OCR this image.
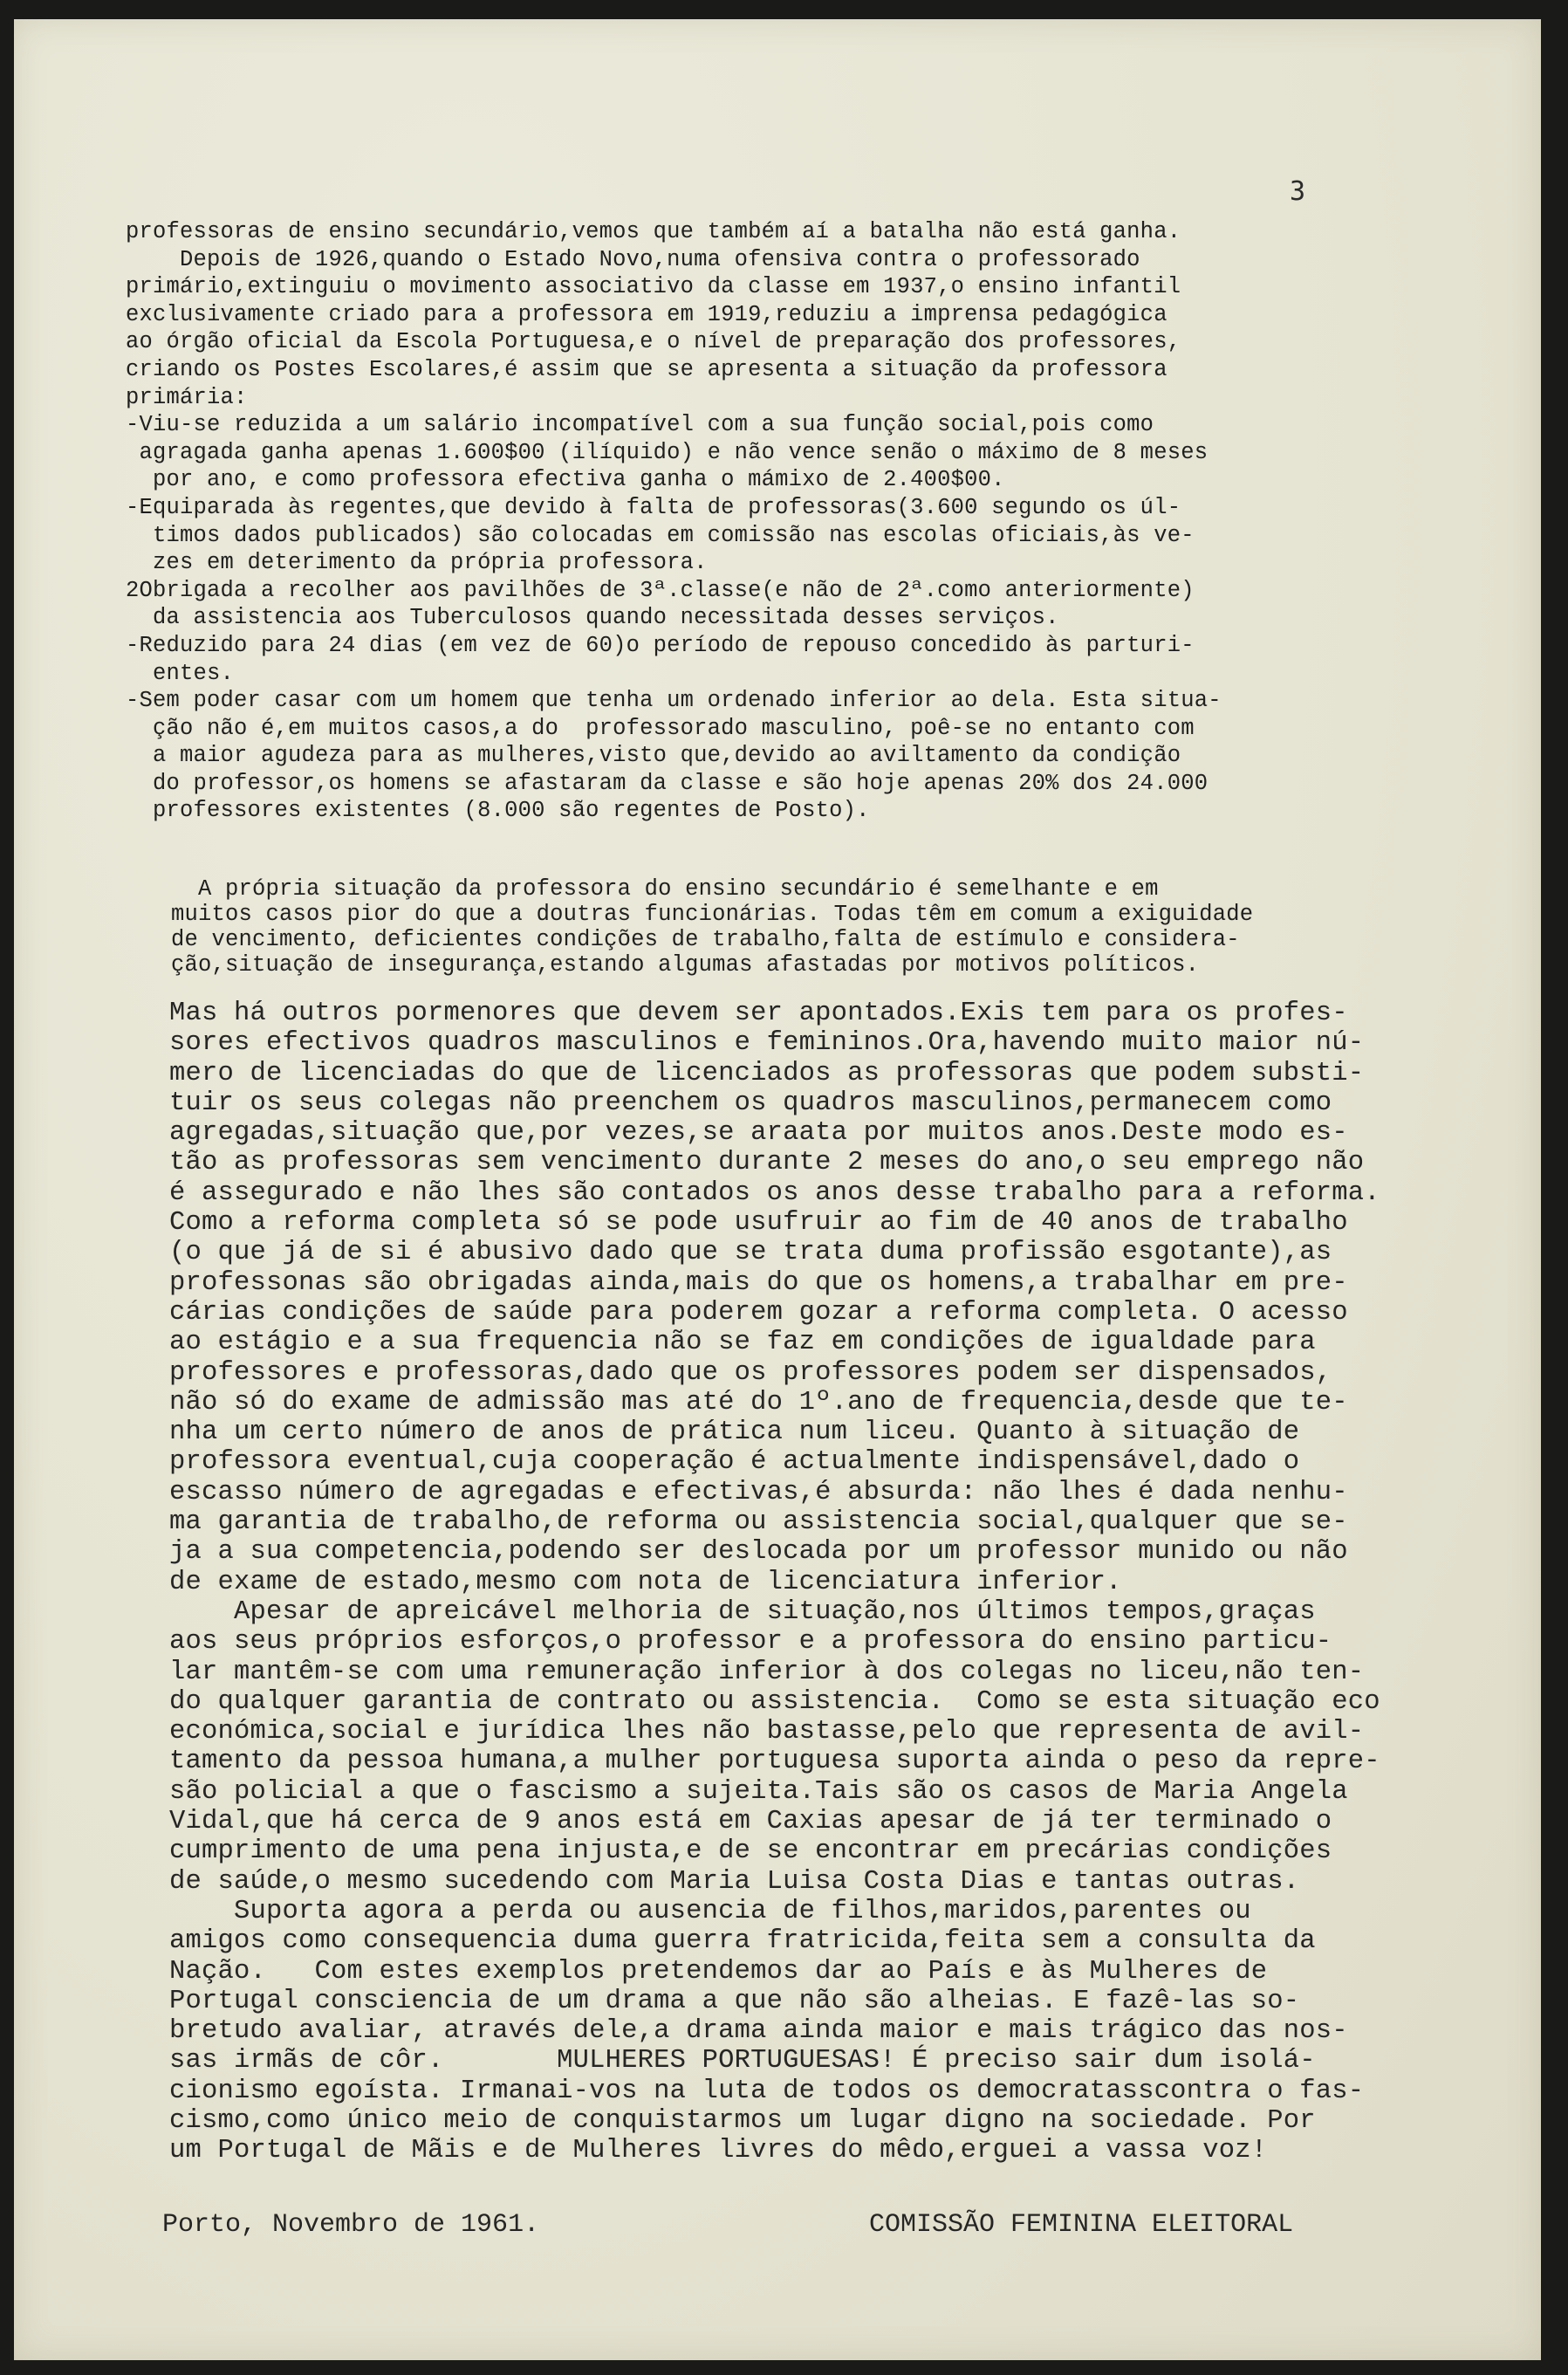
3
professoras de ensino secundário,vemos que também aí a batalha não está ganha.
Depois de 1926,quando o Estado Novo,numa ofensiva contra o professorado
primário,extinguiu o movimento associativo da classe em 1937,o ensino infantil
exclusivamente criado para a professora em 1919,reduziu a imprensa pedagógica
ao órgão oficial da Escola Portuguesa,e o nível de preparação dos professores,
criando os Postes Escolares,é assim que se apresenta a situação da professora
primária:
-Viu-se reduzida a um salário incompatível com a sua função social,pois como
agragada ganha apenas 1.600$00 (ilíquido) e não vence senão o máximo de 8 meses
por ano, e como professora efectiva ganha o mámixo de 2.400$00.
-Equiparada às regentes,que devido à falta de professoras(3.600 segundo os úl-
timos dados publicados) são colocadas em comissão nas escolas oficiais,às ve-
zes em deterimento da própria professora.
2Obrigada a recolher aos pavilhões de 3ª.classe(e não de 2ª.como anteriormente)
da assistencia aos Tuberculosos quando necessitada desses serviços.
-Reduzido para 24 dias (em vez de 60)o período de repouso concedido às parturi-
entes.
-Sem poder casar com um homem que tenha um ordenado inferior ao dela. Esta situa-
ção não é,em muitos casos,a do  professorado masculino, poê-se no entanto com
a maior agudeza para as mulheres,visto que,devido ao aviltamento da condição
do professor,os homens se afastaram da classe e são hoje apenas 20% dos 24.000
professores existentes (8.000 são regentes de Posto).
A própria situação da professora do ensino secundário é semelhante e em
muitos casos pior do que a doutras funcionárias. Todas têm em comum a exiguidade
de vencimento, deficientes condições de trabalho,falta de estímulo e considera-
ção,situação de insegurança,estando algumas afastadas por motivos políticos.
Mas há outros pormenores que devem ser apontados.Exis tem para os profes-
sores efectivos quadros masculinos e femininos.Ora,havendo muito maior nú-
mero de licenciadas do que de licenciados as professoras que podem substi-
tuir os seus colegas não preenchem os quadros masculinos,permanecem como
agregadas,situação que,por vezes,se araata por muitos anos.Deste modo es-
tão as professoras sem vencimento durante 2 meses do ano,o seu emprego não
é assegurado e não lhes são contados os anos desse trabalho para a reforma.
Como a reforma completa só se pode usufruir ao fim de 40 anos de trabalho
(o que já de si é abusivo dado que se trata duma profissão esgotante),as
professonas são obrigadas ainda,mais do que os homens,a trabalhar em pre-
cárias condições de saúde para poderem gozar a reforma completa. O acesso
ao estágio e a sua frequencia não se faz em condições de igualdade para
professores e professoras,dado que os professores podem ser dispensados,
não só do exame de admissão mas até do 1º.ano de frequencia,desde que te-
nha um certo número de anos de prática num liceu. Quanto à situação de
professora eventual,cuja cooperação é actualmente indispensável,dado o
escasso número de agregadas e efectivas,é absurda: não lhes é dada nenhu-
ma garantia de trabalho,de reforma ou assistencia social,qualquer que se-
ja a sua competencia,podendo ser deslocada por um professor munido ou não
de exame de estado,mesmo com nota de licenciatura inferior.
Apesar de apreicável melhoria de situação,nos últimos tempos,graças
aos seus próprios esforços,o professor e a professora do ensino particu-
lar mantêm-se com uma remuneração inferior à dos colegas no liceu,não ten-
do qualquer garantia de contrato ou assistencia.  Como se esta situação eco
económica,social e jurídica lhes não bastasse,pelo que representa de avil-
tamento da pessoa humana,a mulher portuguesa suporta ainda o peso da repre-
são policial a que o fascismo a sujeita.Tais são os casos de Maria Angela
Vidal,que há cerca de 9 anos está em Caxias apesar de já ter terminado o
cumprimento de uma pena injusta,e de se encontrar em precárias condições
de saúde,o mesmo sucedendo com Maria Luisa Costa Dias e tantas outras.
Suporta agora a perda ou ausencia de filhos,maridos,parentes ou
amigos como consequencia duma guerra fratricida,feita sem a consulta da
Nação.   Com estes exemplos pretendemos dar ao País e às Mulheres de
Portugal consciencia de um drama a que não são alheias. E fazê-las so-
bretudo avaliar, através dele,a drama ainda maior e mais trágico das nos-
sas irmãs de côr.       MULHERES PORTUGUESAS! É preciso sair dum isolá-
cionismo egoísta. Irmanai-vos na luta de todos os democratasscontra o fas-
cismo,como único meio de conquistarmos um lugar digno na sociedade. Por
um Portugal de Mãis e de Mulheres livres do mêdo,erguei a vassa voz!
Porto, Novembro de 1961.	COMISSÃO FEMININA ELEITORAL
